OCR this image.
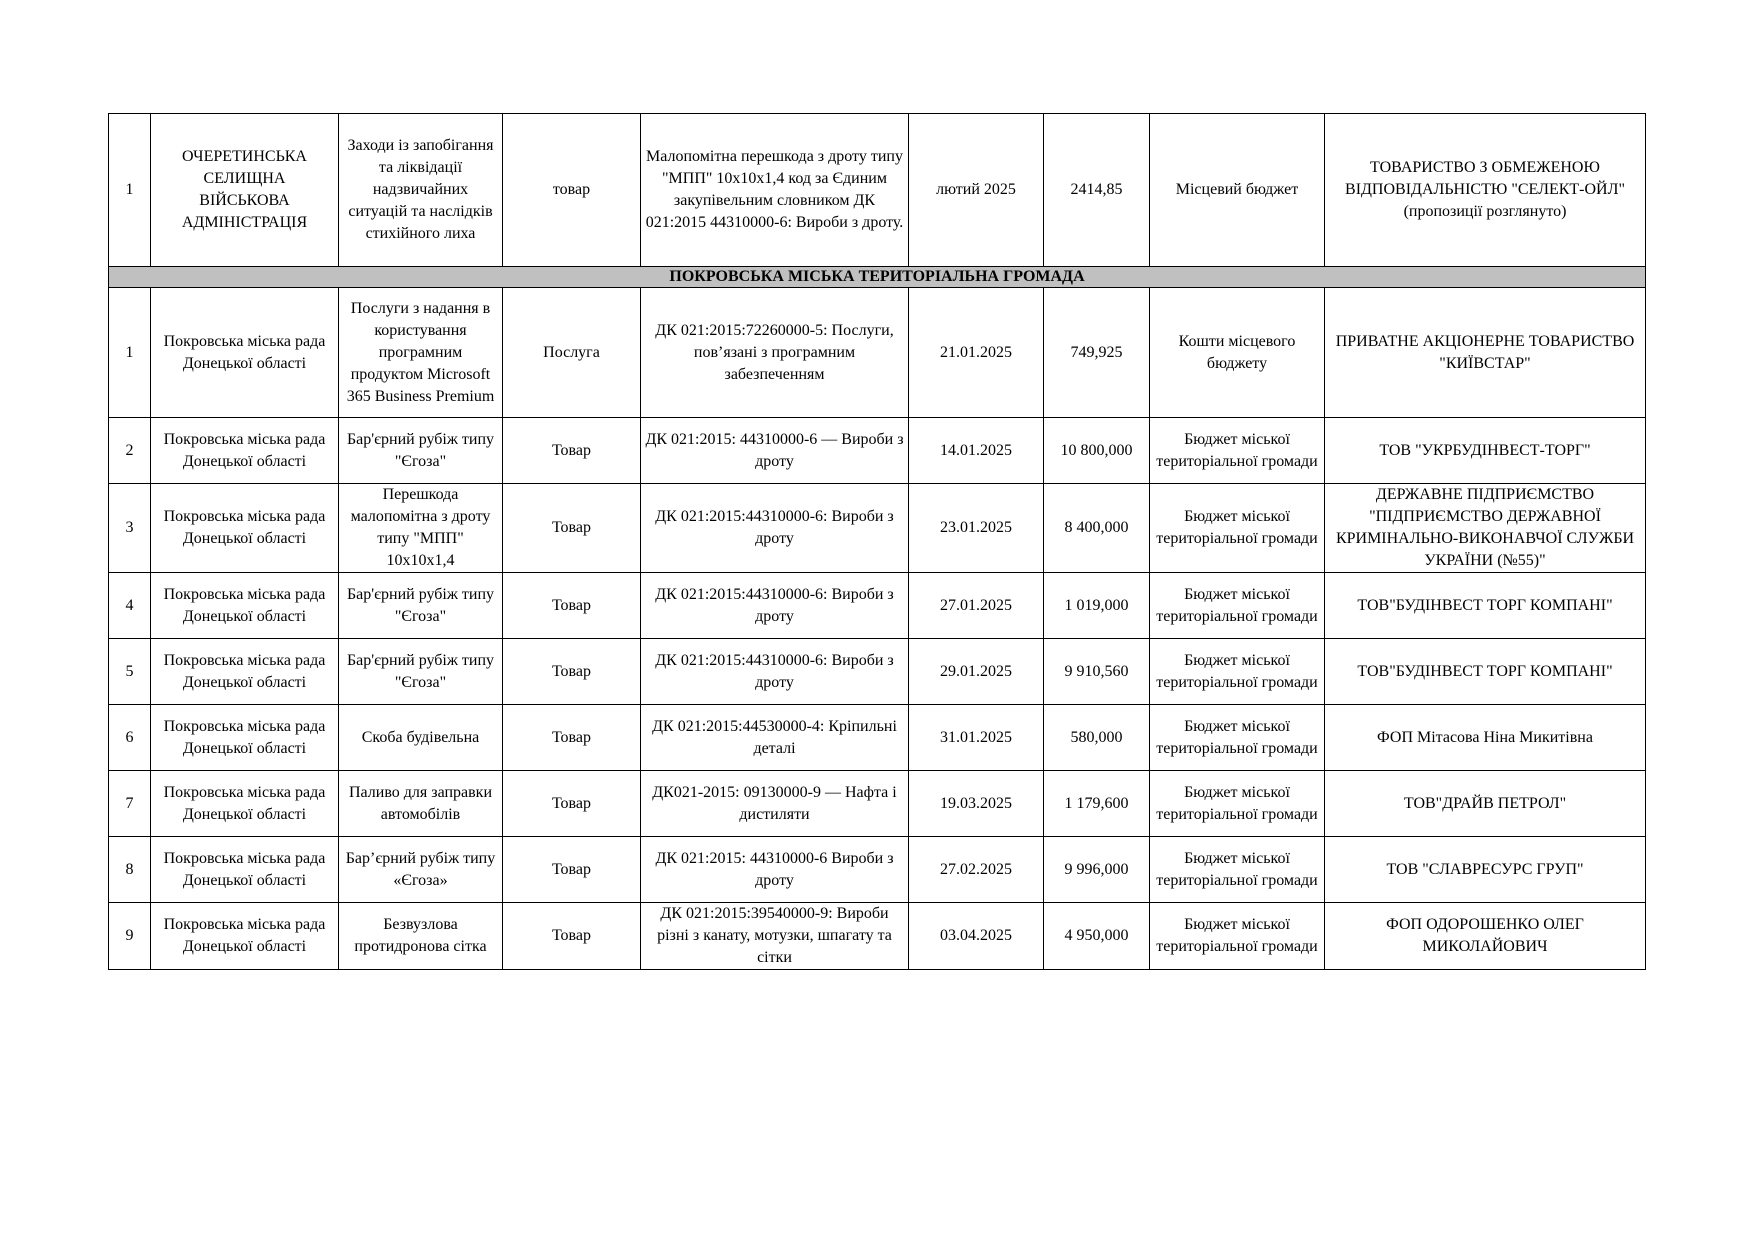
1	ОЧЕРЕТИНСЬКА СЕЛИЩНА ВІЙСЬКОВА АДМІНІСТРАЦІЯ	Заходи із запобігання та ліквідації надзвичайних ситуацій та наслідків стихійного лиха	товар	Малопомітна перешкода з дроту типу "МПП" 10х10х1,4 код за Єдиним закупівельним словником ДК 021:2015 44310000-6: Вироби з дроту.	лютий 2025	2414,85	Місцевий бюджет	ТОВАРИСТВО З ОБМЕЖЕНОЮ ВІДПОВІДАЛЬНІСТЮ "СЕЛЕКТ-ОЙЛ" (пропозиції розглянуто)
ПОКРОВСЬКА МІСЬКА ТЕРИТОРІАЛЬНА ГРОМАДА								
1	Покровська міська рада Донецької області	Послуги з надання в користування програмним продуктом Microsoft 365 Business Premium	Послуга	ДК 021:2015:72260000-5: Послуги, пов’язані з програмним забезпеченням	21.01.2025	749,925	Кошти місцевого бюджету	ПРИВАТНЕ АКЦІОНЕРНЕ ТОВАРИСТВО "КИЇВСТАР"
2	Покровська міська рада Донецької області	Бар'єрний рубіж типу "Єгоза"	Товар	ДК 021:2015: 44310000-6 — Вироби з дроту	14.01.2025	10 800,000	Бюджет міської територіальної громади	ТОВ "УКРБУДІНВЕСТ-ТОРГ"
3	Покровська міська рада Донецької області	Перешкода малопомітна з дроту типу "МПП" 10х10х1,4	Товар	ДК 021:2015:44310000-6: Вироби з дроту	23.01.2025	8 400,000	Бюджет міської територіальної громади	ДЕРЖАВНЕ ПІДПРИЄМСТВО "ПІДПРИЄМСТВО ДЕРЖАВНОЇ КРИМІНАЛЬНО-ВИКОНАВЧОЇ СЛУЖБИ УКРАЇНИ (№55)"
4	Покровська міська рада Донецької області	Бар'єрний рубіж типу "Єгоза"	Товар	ДК 021:2015:44310000-6: Вироби з дроту	27.01.2025	1 019,000	Бюджет міської територіальної громади	ТОВ"БУДІНВЕСТ ТОРГ КОМПАНІ"
5	Покровська міська рада Донецької області	Бар'єрний рубіж типу "Єгоза"	Товар	ДК 021:2015:44310000-6: Вироби з дроту	29.01.2025	9 910,560	Бюджет міської територіальної громади	ТОВ"БУДІНВЕСТ ТОРГ КОМПАНІ"
6	Покровська міська рада Донецької області	Скоба будівельна	Товар	ДК 021:2015:44530000-4: Кріпильні деталі	31.01.2025	580,000	Бюджет міської територіальної громади	ФОП Мітасова Ніна Микитівна
7	Покровська міська рада Донецької області	Паливо для заправки автомобілів	Товар	ДК021-2015: 09130000-9 — Нафта і дистиляти	19.03.2025	1 179,600	Бюджет міської територіальної громади	ТОВ"ДРАЙВ ПЕТРОЛ"
8	Покровська міська рада Донецької області	Бар’єрний рубіж типу «Єгоза»	Товар	ДК 021:2015: 44310000-6 Вироби з дроту	27.02.2025	9 996,000	Бюджет міської територіальної громади	ТОВ "СЛАВРЕСУРС ГРУП"
9	Покровська міська рада Донецької області	Безвузлова протидронова сітка	Товар	ДК 021:2015:39540000-9: Вироби різні з канату, мотузки, шпагату та сітки	03.04.2025	4 950,000	Бюджет міської територіальної громади	ФОП ОДОРОШЕНКО ОЛЕГ МИКОЛАЙОВИЧ
